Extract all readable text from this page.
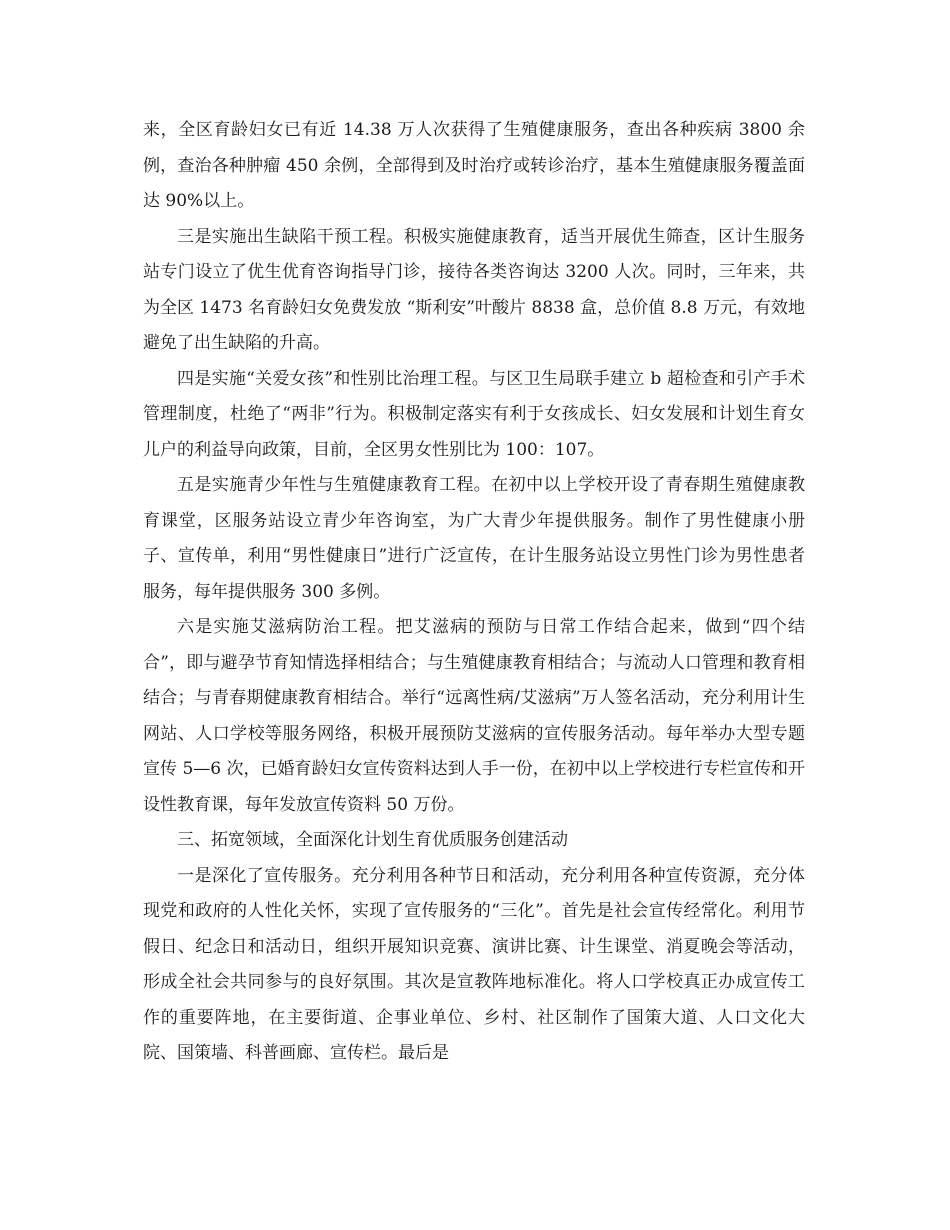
来，全区育龄妇女已有近 14.38 万人次获得了生殖健康服务，查出各种疾病 3800 余例，查治各种肿瘤 450 余例，全部得到及时治疗或转诊治疗，基本生殖健康服务覆盖面达 90%以上。

三是实施出生缺陷干预工程。积极实施健康教育，适当开展优生筛查，区计生服务站专门设立了优生优育咨询指导门诊，接待各类咨询达 3200 人次。同时，三年来，共为全区 1473 名育龄妇女免费发放 “斯利安”叶酸片 8838 盒，总价值 8.8 万元，有效地避免了出生缺陷的升高。

四是实施“关爱女孩”和性别比治理工程。与区卫生局联手建立 b 超检查和引产手术管理制度，杜绝了“两非”行为。积极制定落实有利于女孩成长、妇女发展和计划生育女儿户的利益导向政策，目前，全区男女性别比为 100：107。

五是实施青少年性与生殖健康教育工程。在初中以上学校开设了青春期生殖健康教育课堂，区服务站设立青少年咨询室，为广大青少年提供服务。制作了男性健康小册子、宣传单，利用“男性健康日”进行广泛宣传，在计生服务站设立男性门诊为男性患者服务，每年提供服务 300 多例。

六是实施艾滋病防治工程。把艾滋病的预防与日常工作结合起来，做到“四个结合”，即与避孕节育知情选择相结合；与生殖健康教育相结合；与流动人口管理和教育相结合；与青春期健康教育相结合。举行“远离性病/艾滋病”万人签名活动，充分利用计生网站、人口学校等服务网络，积极开展预防艾滋病的宣传服务活动。每年举办大型专题宣传 5—6 次，已婚育龄妇女宣传资料达到人手一份，在初中以上学校进行专栏宣传和开设性教育课，每年发放宣传资料 50 万份。

三、拓宽领域，全面深化计划生育优质服务创建活动

一是深化了宣传服务。充分利用各种节日和活动，充分利用各种宣传资源，充分体现党和政府的人性化关怀，实现了宣传服务的“三化”。首先是社会宣传经常化。利用节假日、纪念日和活动日，组织开展知识竞赛、演讲比赛、计生课堂、消夏晚会等活动，形成全社会共同参与的良好氛围。其次是宣教阵地标准化。将人口学校真正办成宣传工作的重要阵地，在主要街道、企事业单位、乡村、社区制作了国策大道、人口文化大院、国策墙、科普画廊、宣传栏。最后是
